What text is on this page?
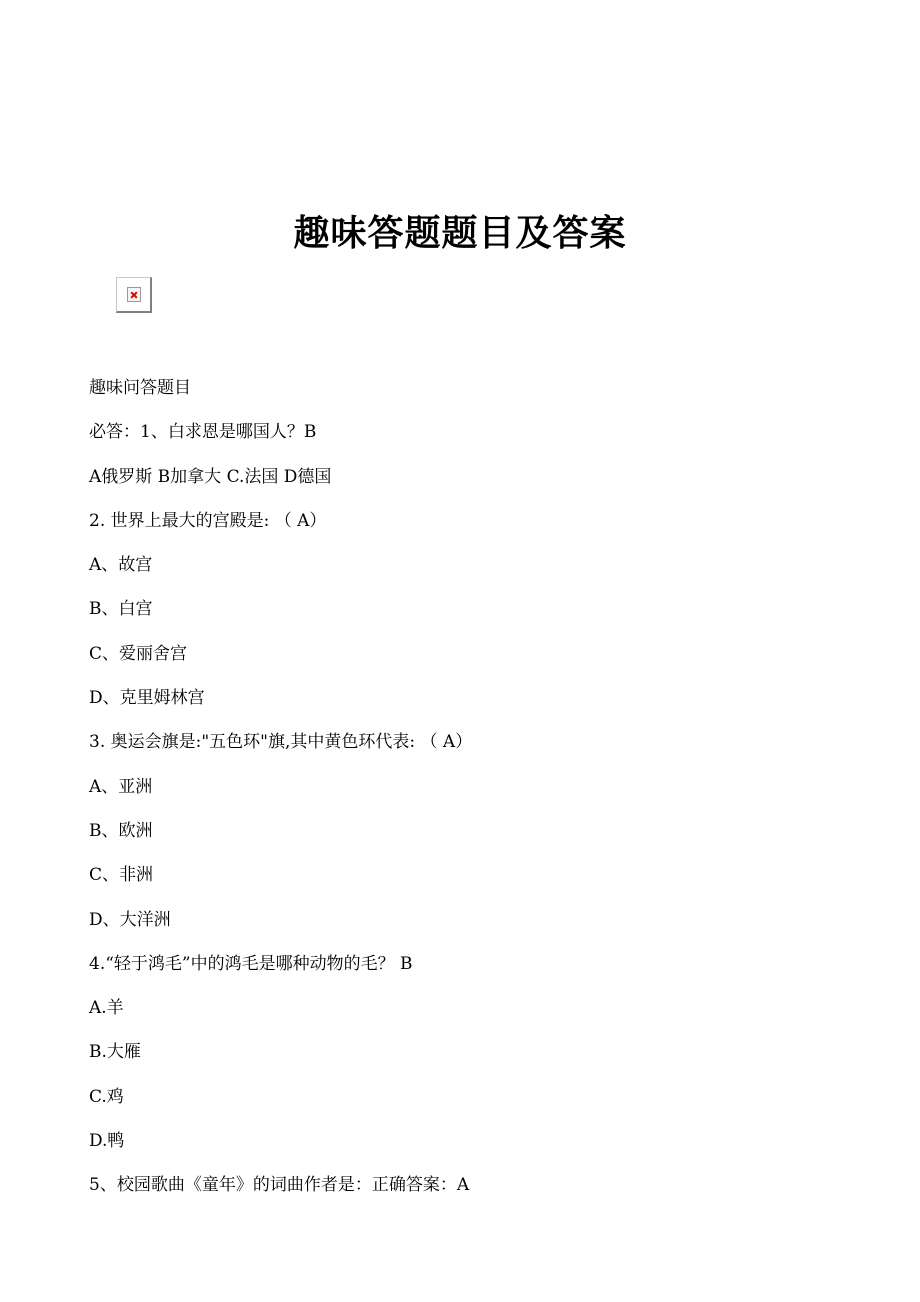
趣味答题题目及答案
趣味问答题目
必答：1、白求恩是哪国人？B
A俄罗斯 B加拿大 C.法国 D德国
2. 世界上最大的宫殿是: （ A）
A、故宫
B、白宫
C、爱丽舍宫
D、克里姆林宫
3. 奥运会旗是:"五色环"旗,其中黄色环代表: （ A）
A、亚洲
B、欧洲
C、非洲
D、大洋洲
4.“轻于鸿毛”中的鸿毛是哪种动物的毛？ B
A.羊
B.大雁
C.鸡
D.鸭
5、校园歌曲《童年》的词曲作者是：正确答案：A
